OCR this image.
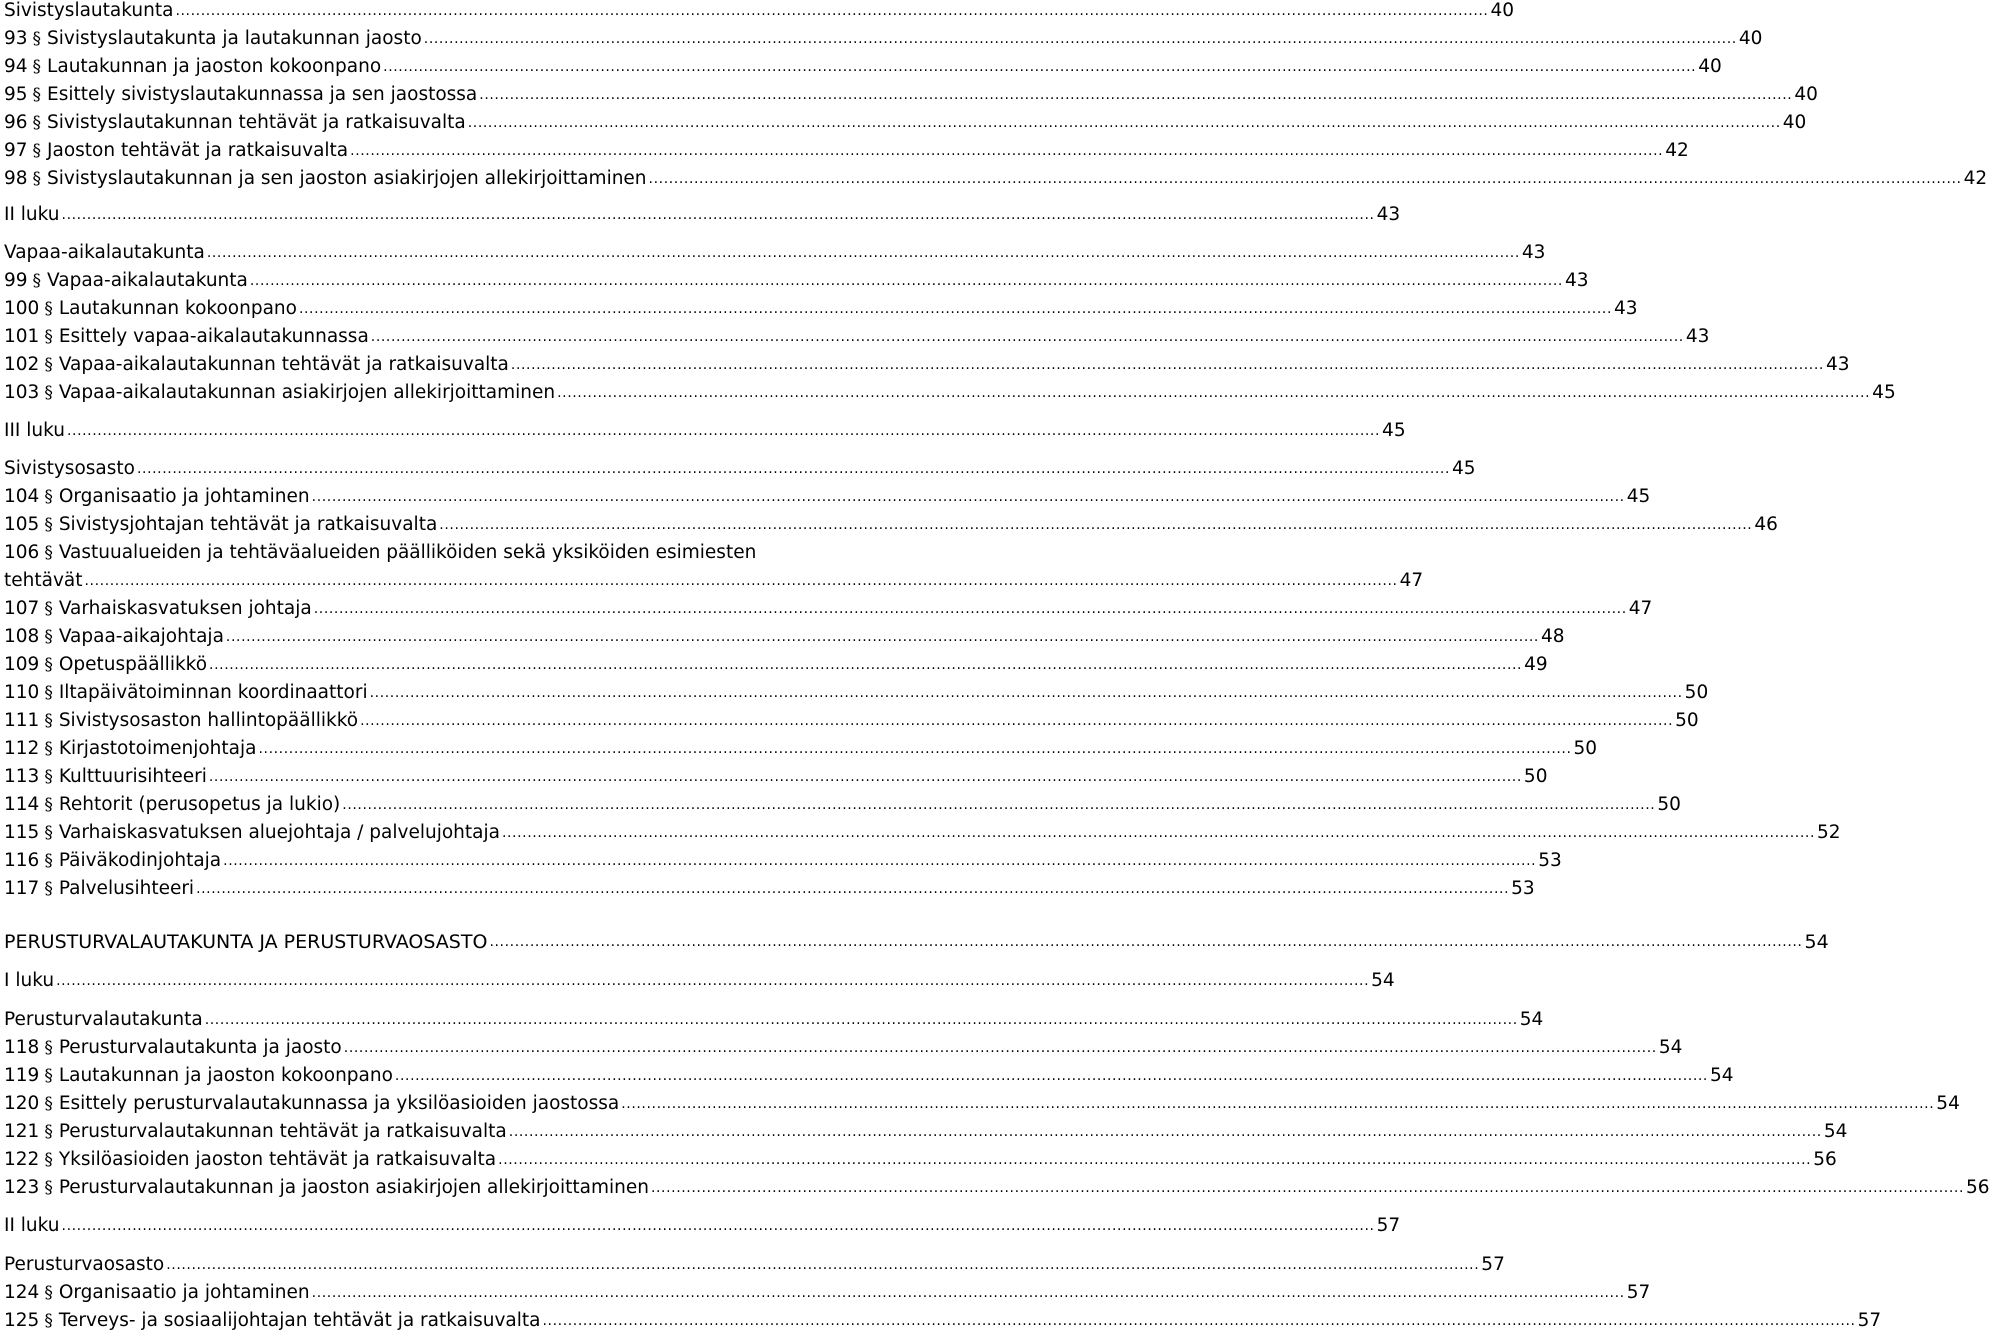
Sivistyslautakunta .................................................................................................................................................................................................................................................................... 40
93 § Sivistyslautakunta ja lautakunnan jaosto .................................................................................................................................................................................................................................................................... 40
94 § Lautakunnan ja jaoston kokoonpano .................................................................................................................................................................................................................................................................... 40
95 § Esittely sivistyslautakunnassa ja sen jaostossa .................................................................................................................................................................................................................................................................... 40
96 § Sivistyslautakunnan tehtävät ja ratkaisuvalta .................................................................................................................................................................................................................................................................... 40
97 § Jaoston tehtävät ja ratkaisuvalta .................................................................................................................................................................................................................................................................... 42
98 § Sivistyslautakunnan ja sen jaoston asiakirjojen allekirjoittaminen .................................................................................................................................................................................................................................................................... 42
II luku .................................................................................................................................................................................................................................................................... 43
Vapaa-aikalautakunta .................................................................................................................................................................................................................................................................... 43
99 § Vapaa-aikalautakunta .................................................................................................................................................................................................................................................................... 43
100 § Lautakunnan kokoonpano .................................................................................................................................................................................................................................................................... 43
101 § Esittely vapaa-aikalautakunnassa .................................................................................................................................................................................................................................................................... 43
102 § Vapaa-aikalautakunnan tehtävät ja ratkaisuvalta .................................................................................................................................................................................................................................................................... 43
103 § Vapaa-aikalautakunnan asiakirjojen allekirjoittaminen .................................................................................................................................................................................................................................................................... 45
III luku .................................................................................................................................................................................................................................................................... 45
Sivistysosasto .................................................................................................................................................................................................................................................................... 45
104 § Organisaatio ja johtaminen .................................................................................................................................................................................................................................................................... 45
105 § Sivistysjohtajan tehtävät ja ratkaisuvalta .................................................................................................................................................................................................................................................................... 46
106 § Vastuualueiden ja tehtäväalueiden päälliköiden sekä yksiköiden esimiesten
tehtävät .................................................................................................................................................................................................................................................................... 47
107 § Varhaiskasvatuksen johtaja .................................................................................................................................................................................................................................................................... 47
108 § Vapaa-aikajohtaja .................................................................................................................................................................................................................................................................... 48
109 § Opetuspäällikkö .................................................................................................................................................................................................................................................................... 49
110 § Iltapäivätoiminnan koordinaattori .................................................................................................................................................................................................................................................................... 50
111 § Sivistysosaston hallintopäällikkö .................................................................................................................................................................................................................................................................... 50
112 § Kirjastotoimenjohtaja .................................................................................................................................................................................................................................................................... 50
113 § Kulttuurisihteeri .................................................................................................................................................................................................................................................................... 50
114 § Rehtorit (perusopetus ja lukio) .................................................................................................................................................................................................................................................................... 50
115 § Varhaiskasvatuksen aluejohtaja / palvelujohtaja .................................................................................................................................................................................................................................................................... 52
116 § Päiväkodinjohtaja .................................................................................................................................................................................................................................................................... 53
117 § Palvelusihteeri .................................................................................................................................................................................................................................................................... 53
PERUSTURVALAUTAKUNTA JA PERUSTURVAOSASTO .................................................................................................................................................................................................................................................................... 54
I luku .................................................................................................................................................................................................................................................................... 54
Perusturvalautakunta .................................................................................................................................................................................................................................................................... 54
118 § Perusturvalautakunta ja jaosto .................................................................................................................................................................................................................................................................... 54
119 § Lautakunnan ja jaoston kokoonpano .................................................................................................................................................................................................................................................................... 54
120 § Esittely perusturvalautakunnassa ja yksilöasioiden jaostossa .................................................................................................................................................................................................................................................................... 54
121 § Perusturvalautakunnan tehtävät ja ratkaisuvalta .................................................................................................................................................................................................................................................................... 54
122 § Yksilöasioiden jaoston tehtävät ja ratkaisuvalta .................................................................................................................................................................................................................................................................... 56
123 § Perusturvalautakunnan ja jaoston asiakirjojen allekirjoittaminen .................................................................................................................................................................................................................................................................... 56
II luku .................................................................................................................................................................................................................................................................... 57
Perusturvaosasto .................................................................................................................................................................................................................................................................... 57
124 § Organisaatio ja johtaminen .................................................................................................................................................................................................................................................................... 57
125 § Terveys- ja sosiaalijohtajan tehtävät ja ratkaisuvalta .................................................................................................................................................................................................................................................................... 57
